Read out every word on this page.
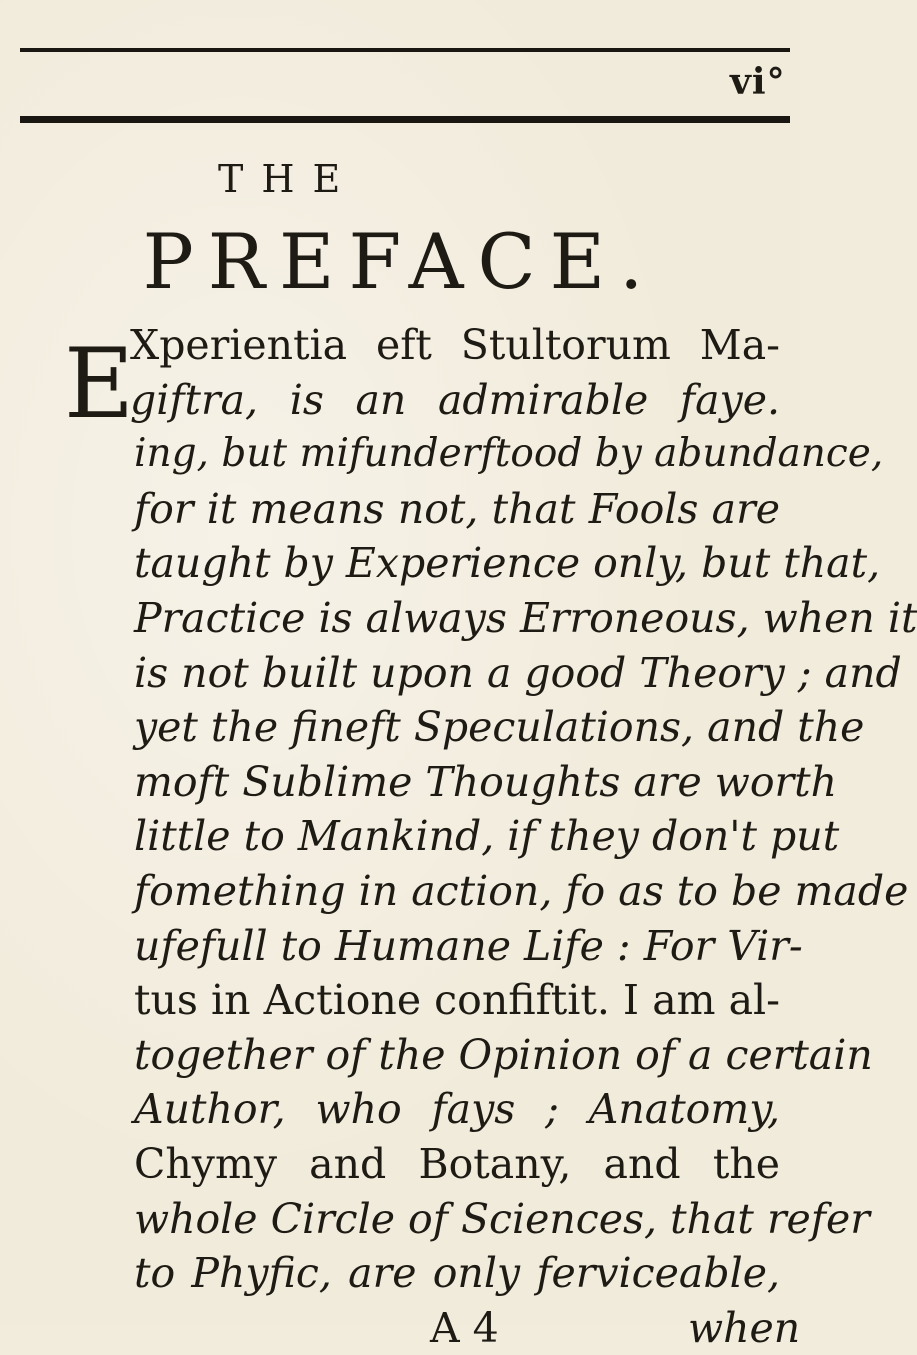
vi°
THE
PREFACE.
E
Xperientia eft Stultorum Ma-
giftra, is an admirable faye.
ing, but mifunderftood by abundance,
for it means not, that Fools are
taught by Experience only, but that,
Practice is always Erroneous, when it
is not built upon a good Theory ; and
yet the fineft Speculations, and the
moft Sublime Thoughts are worth
little to Mankind, if they don't put
fomething in action, fo as to be made
ufefull to Humane Life : For Vir-
tus in Actione confiftit. I am al-
together of the Opinion of a certain
Author, who fays ; Anatomy,
Chymy and Botany, and the
whole Circle of Sciences, that refer
to Phyfic, are only ferviceable,
A 4	when
